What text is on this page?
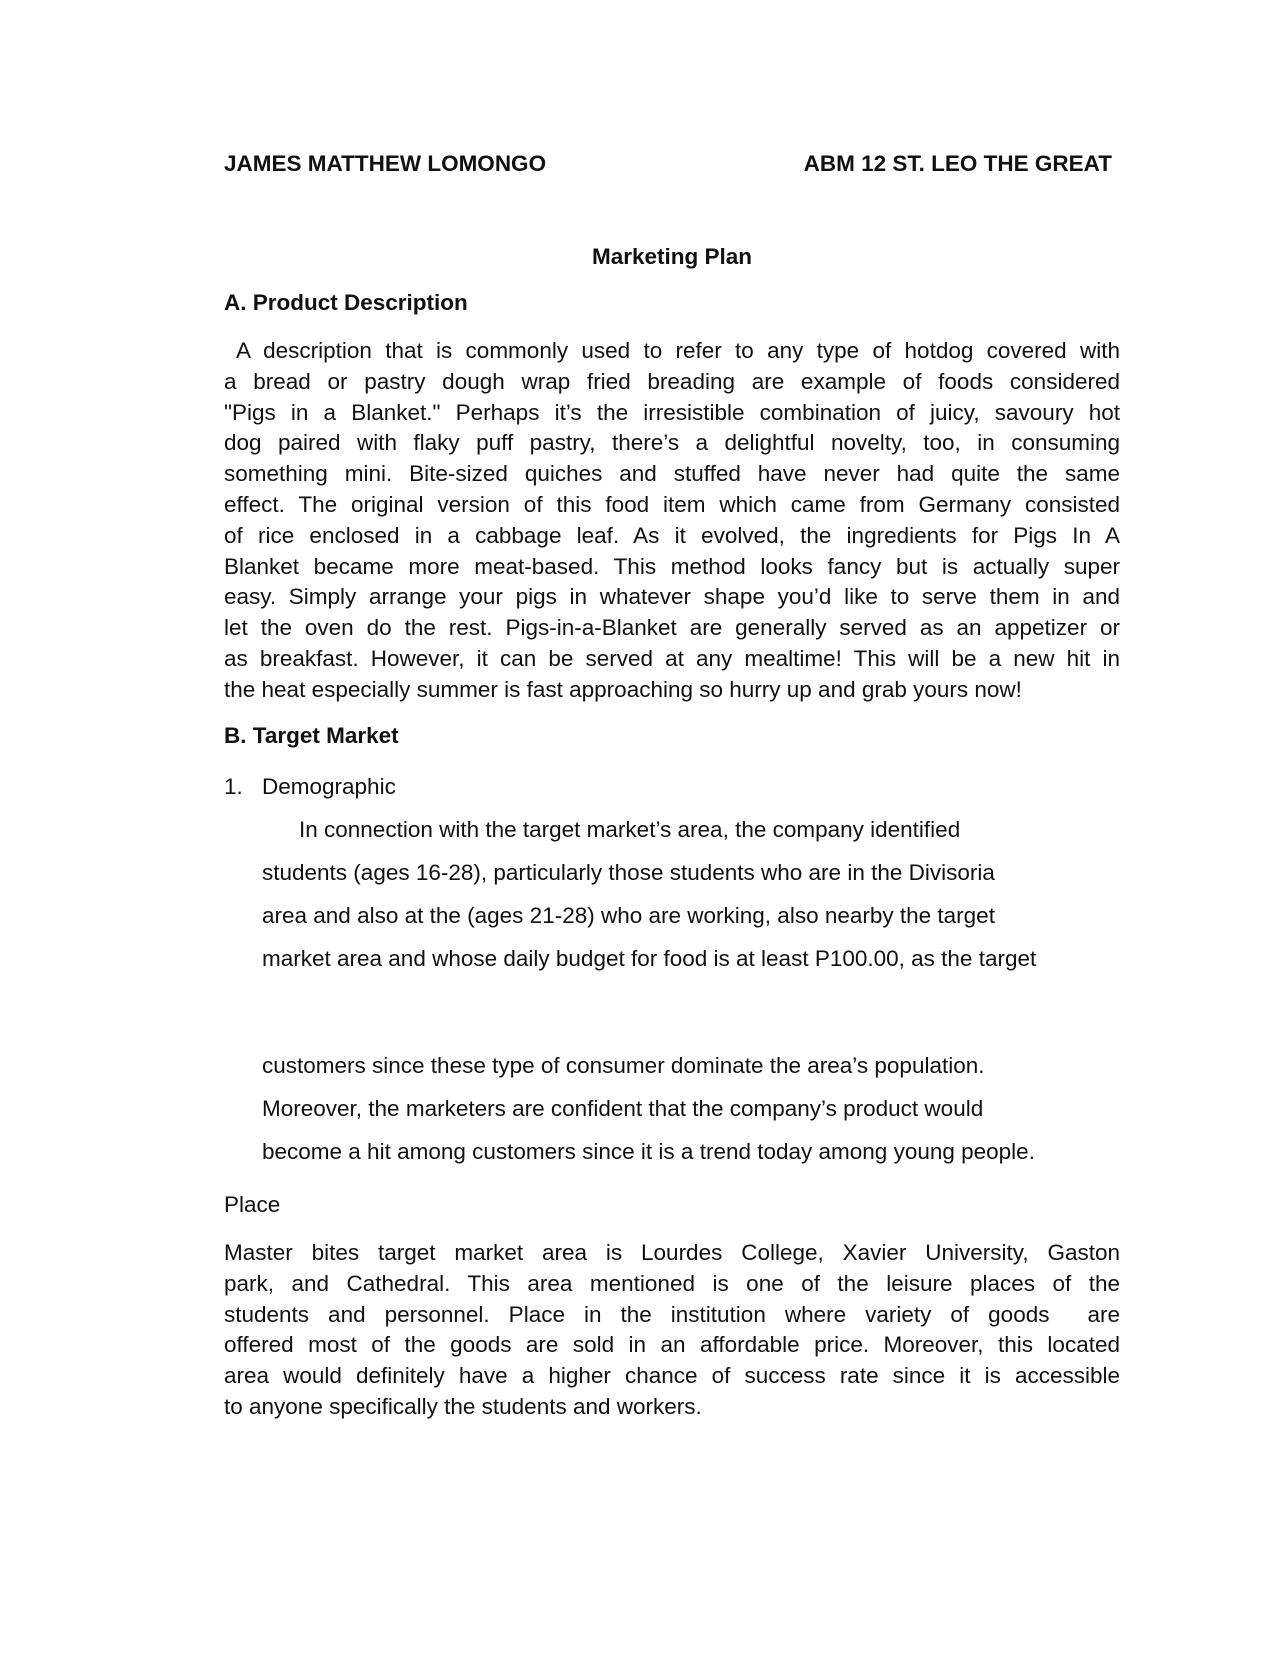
JAMES MATTHEW LOMONGO	ABM 12 ST. LEO THE GREAT
Marketing Plan
A. Product Description

A description that is commonly used to refer to any type of hotdog covered with
a bread or pastry dough wrap fried breading are example of foods considered
"Pigs in a Blanket." Perhaps it’s the irresistible combination of juicy, savoury hot
dog paired with flaky puff pastry, there’s a delightful novelty, too, in consuming
something mini. Bite-sized quiches and stuffed have never had quite the same
effect. The original version of this food item which came from Germany consisted
of rice enclosed in a cabbage leaf. As it evolved, the ingredients for Pigs In A
Blanket became more meat-based. This method looks fancy but is actually super
easy. Simply arrange your pigs in whatever shape you’d like to serve them in and
let the oven do the rest. Pigs-in-a-Blanket are generally served as an appetizer or
as breakfast. However, it can be served at any mealtime! This will be a new hit in
the heat especially summer is fast approaching so hurry up and grab yours now!

B. Target Market
1. Demographic

In connection with the target market’s area, the company identified
students (ages 16-28), particularly those students who are in the Divisoria
area and also at the (ages 21-28) who are working, also nearby the target
market area and whose daily budget for food is at least P100.00, as the target

customers since these type of consumer dominate the area’s population.
Moreover, the marketers are confident that the company’s product would
become a hit among customers since it is a trend today among young people.

Place

Master bites target market area is Lourdes College, Xavier University, Gaston
park, and Cathedral. This area mentioned is one of the leisure places of the
students and personnel. Place in the institution where variety of goods  are
offered most of the goods are sold in an affordable price. Moreover, this located
area would definitely have a higher chance of success rate since it is accessible
to anyone specifically the students and workers.
